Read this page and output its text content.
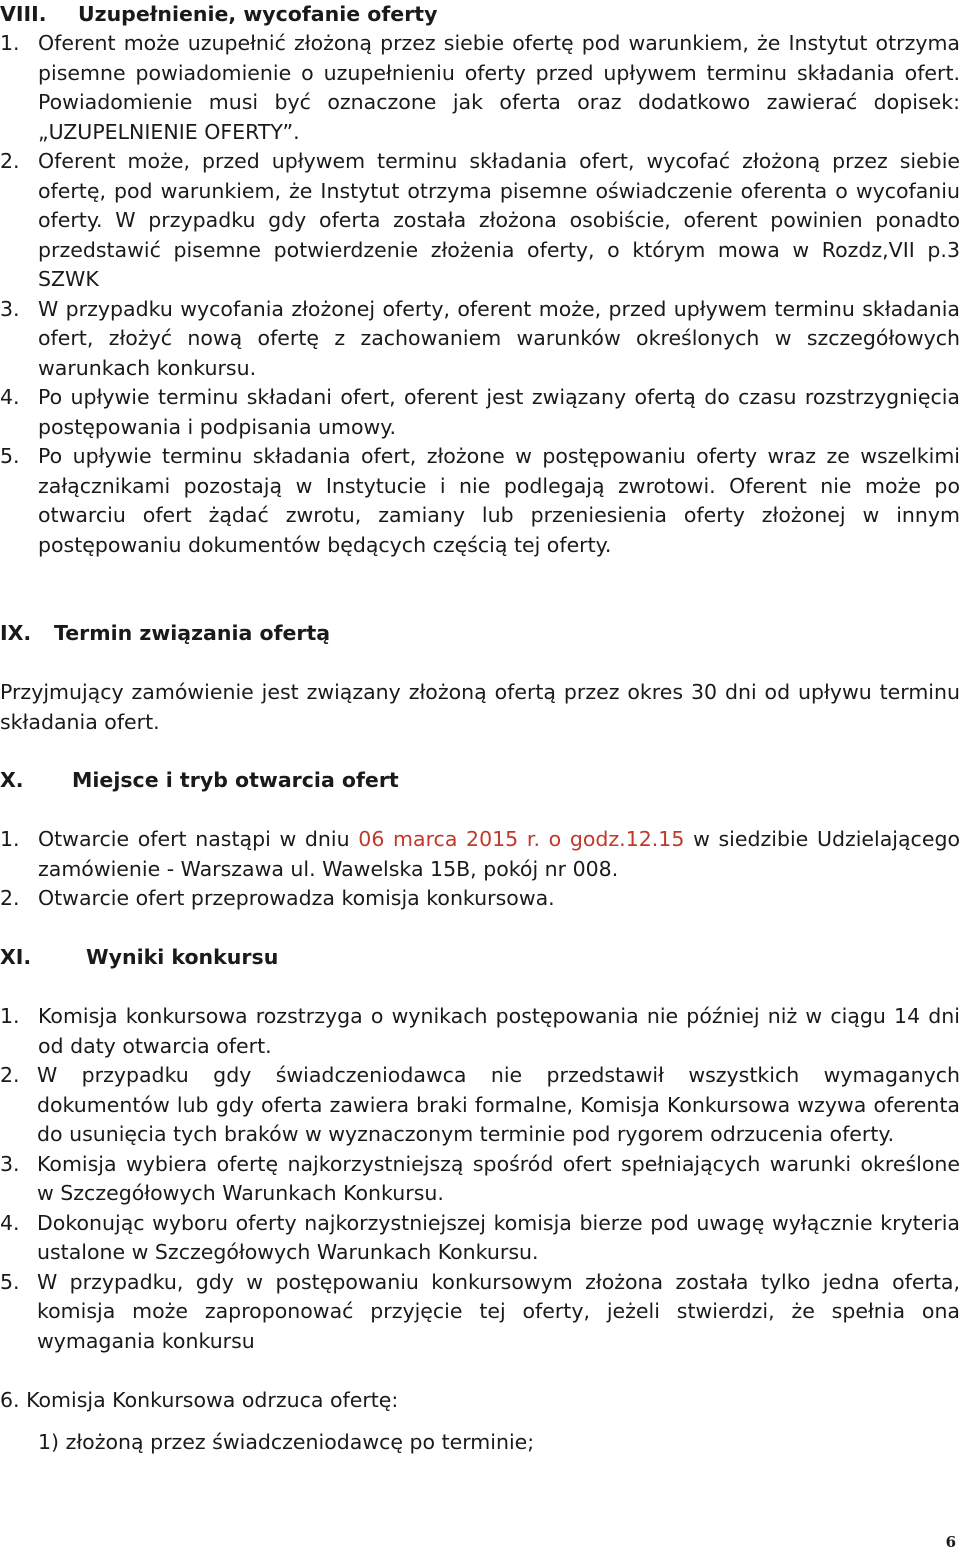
VIII. Uzupełnienie, wycofanie oferty
1. Oferent może uzupełnić złożoną przez siebie ofertę pod warunkiem, że Instytut otrzyma pisemne powiadomienie o uzupełnieniu oferty przed upływem terminu składania ofert. Powiadomienie musi być oznaczone jak oferta oraz dodatkowo zawierać dopisek: „UZUPELNIENIE OFERTY”.
2. Oferent może, przed upływem terminu składania ofert, wycofać złożoną przez siebie ofertę, pod warunkiem, że Instytut otrzyma pisemne oświadczenie oferenta o wycofaniu oferty. W przypadku gdy oferta została złożona osobiście, oferent powinien ponadto przedstawić pisemne potwierdzenie złożenia oferty, o którym mowa w Rozdz,VII p.3 SZWK
3. W przypadku wycofania złożonej oferty, oferent może, przed upływem terminu składania ofert, złożyć nową ofertę z zachowaniem warunków określonych w szczegółowych warunkach konkursu.
4. Po upływie terminu składani ofert, oferent jest związany ofertą do czasu rozstrzygnięcia postępowania i podpisania umowy.
5. Po upływie terminu składania ofert, złożone w postępowaniu oferty wraz ze wszelkimi załącznikami pozostają w Instytucie i nie podlegają zwrotowi. Oferent nie może po otwarciu ofert żądać zwrotu, zamiany lub przeniesienia oferty złożonej w innym postępowaniu dokumentów będących częścią tej oferty.
IX. Termin związania ofertą
Przyjmujący zamówienie jest związany złożoną ofertą przez okres 30 dni od upływu terminu składania ofert.
X. Miejsce i tryb otwarcia ofert
1. Otwarcie ofert nastąpi w dniu 06 marca 2015 r. o godz.12.15 w siedzibie Udzielającego zamówienie - Warszawa ul. Wawelska 15B, pokój nr 008.
2. Otwarcie ofert przeprowadza komisja konkursowa.
XI.	Wyniki konkursu
1. Komisja konkursowa rozstrzyga o wynikach postępowania nie później niż w ciągu 14 dni od daty otwarcia ofert.
2. W przypadku gdy świadczeniodawca nie przedstawił wszystkich wymaganych dokumentów lub gdy oferta zawiera braki formalne, Komisja Konkursowa wzywa oferenta do usunięcia tych braków w wyznaczonym terminie pod rygorem odrzucenia oferty.
3. Komisja wybiera ofertę najkorzystniejszą spośród ofert spełniających warunki określone w Szczegółowych Warunkach Konkursu.
4. Dokonując wyboru oferty najkorzystniejszej komisja bierze pod uwagę wyłącznie kryteria ustalone w Szczegółowych Warunkach Konkursu.
5. W przypadku, gdy w postępowaniu konkursowym złożona została tylko jedna oferta, komisja może zaproponować przyjęcie tej oferty, jeżeli stwierdzi, że spełnia ona wymagania konkursu
6. Komisja Konkursowa odrzuca ofertę:
1) złożoną przez świadczeniodawcę po terminie;
6
